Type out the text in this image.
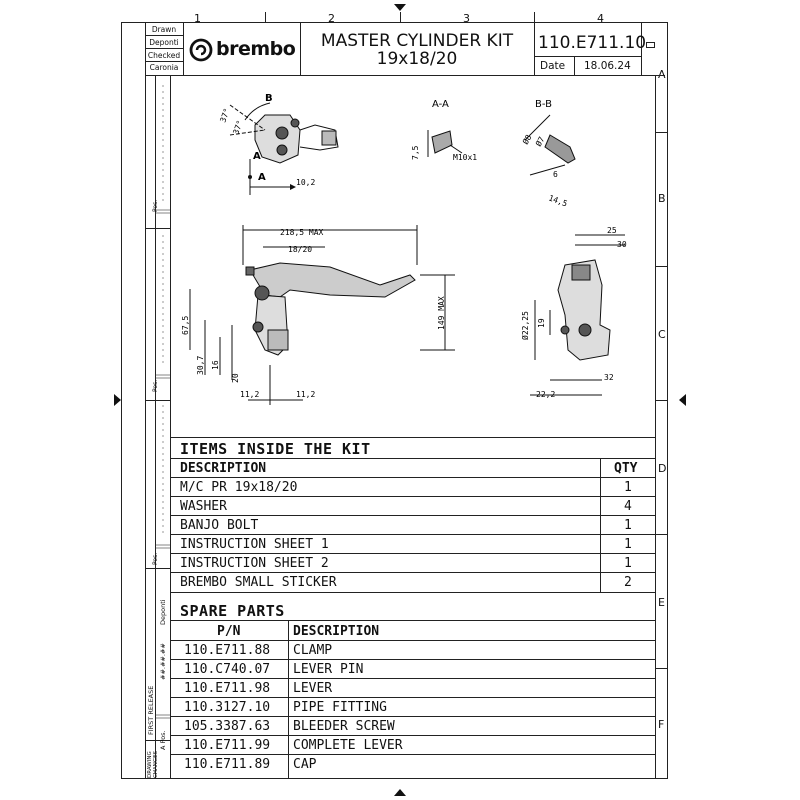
1	2	3	4
A
B
C
D
E
F
Drawn
Deponti
Checked
Caronia
brembo	MASTER CYLINDER KIT
19x18/20
110.E711.10
Date 18.06.24
Pos.
Pos.
Pos.
Deponti
##.##.##
FIRST RELEASE
A Pos.
DRAWING CHANGES
37°
37°
B
A
A	10,2
A-A
7,5	M10x1
B-B
Ø8 Ø7
6
14,5
218,5 MAX
18/20
149 MAX
67,5
30,7 16
20
11,2	11,2
25
30
Ø22,25 19
32
22,2
ITEMS INSIDE THE KIT
DESCRIPTION	QTY
M/C PR 19x18/20	1
WASHER	4
BANJO BOLT	1
INSTRUCTION SHEET 1	1
INSTRUCTION SHEET 2	1
BREMBO SMALL STICKER	2
SPARE PARTS
P/N	DESCRIPTION
110.E711.88 CLAMP
110.C740.07 LEVER PIN
110.E711.98 LEVER
110.3127.10 PIPE FITTING
105.3387.63 BLEEDER SCREW
110.E711.99 COMPLETE LEVER
110.E711.89 CAP
